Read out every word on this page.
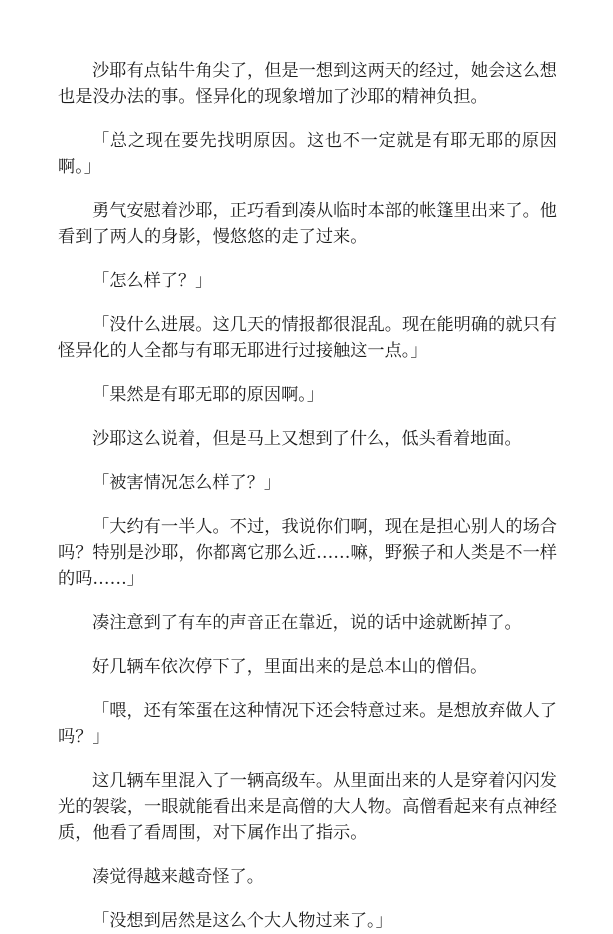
沙耶有点钻牛角尖了，但是一想到这两天的经过，她会这么想也是没办法的事。怪异化的现象增加了沙耶的精神负担。

「总之现在要先找明原因。这也不一定就是有耶无耶的原因啊。」

勇气安慰着沙耶，正巧看到凑从临时本部的帐篷里出来了。他看到了两人的身影，慢悠悠的走了过来。

「怎么样了？」

「没什么进展。这几天的情报都很混乱。现在能明确的就只有怪异化的人全都与有耶无耶进行过接触这一点。」

「果然是有耶无耶的原因啊。」

沙耶这么说着，但是马上又想到了什么，低头看着地面。

「被害情况怎么样了？」

「大约有一半人。不过，我说你们啊，现在是担心别人的场合吗？特别是沙耶，你都离它那么近……嘛，野猴子和人类是不一样的吗……」

凑注意到了有车的声音正在靠近，说的话中途就断掉了。

好几辆车依次停下了，里面出来的是总本山的僧侣。

「喂，还有笨蛋在这种情况下还会特意过来。是想放弃做人了吗？」

这几辆车里混入了一辆高级车。从里面出来的人是穿着闪闪发光的袈裟，一眼就能看出来是高僧的大人物。高僧看起来有点神经质，他看了看周围，对下属作出了指示。

凑觉得越来越奇怪了。

「没想到居然是这么个大人物过来了。」
